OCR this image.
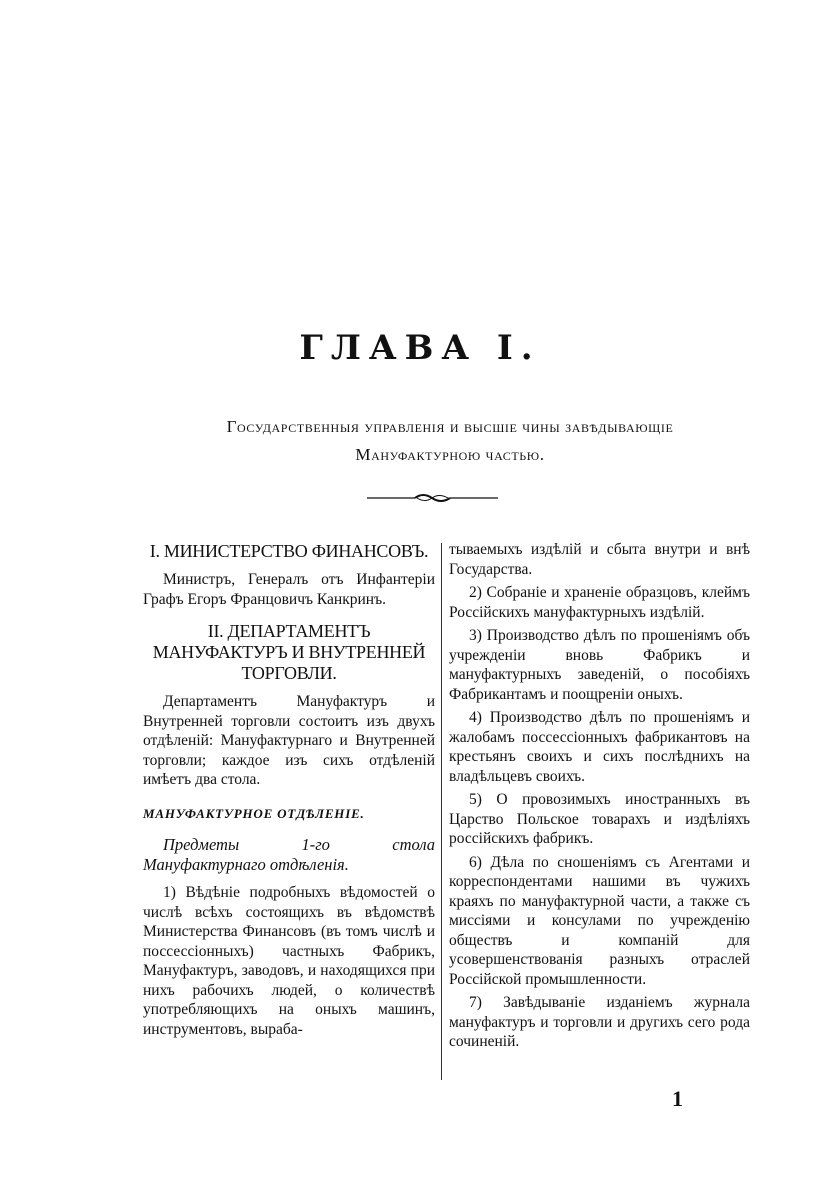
ГЛАВА I.
Государственныя управленія и высшіе чины завѣдывающіе
Мануфактурною частью.
I. МИНИСТЕРСТВО ФИНАНСОВЪ.

Министръ, Генералъ отъ Инфантеріи Графъ Егоръ Францовичъ Канкринъ.

II. ДЕПАРТАМЕНТЪ МАНУФАКТУРЪ И ВНУТРЕННЕЙ ТОРГОВЛИ.

Департаментъ Мануфактуръ и Внутренней торговли состоитъ изъ двухъ отдѣленій: Мануфактурнаго и Внутренней торговли; каждое изъ сихъ отдѣленій имѣетъ два стола.

МАНУФАКТУРНОЕ ОТДѢЛЕНІЕ.

Предметы 1-го стола Мануфактурнаго отдѣленія.

1) Вѣдѣніе подробныхъ вѣдомостей о числѣ всѣхъ состоящихъ въ вѣдомствѣ Министерства Финансовъ (въ томъ числѣ и поссессіонныхъ) частныхъ Фабрикъ, Мануфактуръ, заводовъ, и находящихся при нихъ рабочихъ людей, о количествѣ употребляющихъ на оныхъ машинъ, инструментовъ, выраба-

тываемыхъ издѣлій и сбыта внутри и внѣ Государства.

2) Собраніе и храненіе образцовъ, клеймъ Россійскихъ мануфактурныхъ издѣлій.

3) Производство дѣлъ по прошеніямъ объ учрежденіи вновь Фабрикъ и мануфактурныхъ заведеній, о пособіяхъ Фабрикантамъ и поощреніи оныхъ.

4) Производство дѣлъ по прошеніямъ и жалобамъ поссессіонныхъ фабрикантовъ на крестьянъ своихъ и сихъ послѣднихъ на владѣльцевъ своихъ.

5) О провозимыхъ иностранныхъ въ Царство Польское товарахъ и издѣліяхъ россійскихъ фабрикъ.

6) Дѣла по сношеніямъ съ Агентами и корреспондентами нашими въ чужихъ краяхъ по мануфактурной части, а также съ миссіями и консулами по учрежденію обществъ и компаній для усовершенствованія разныхъ отраслей Россійской промышленности.

7) Завѣдываніе изданіемъ журнала мануфактуръ и торговли и другихъ сего рода сочиненій.

1
